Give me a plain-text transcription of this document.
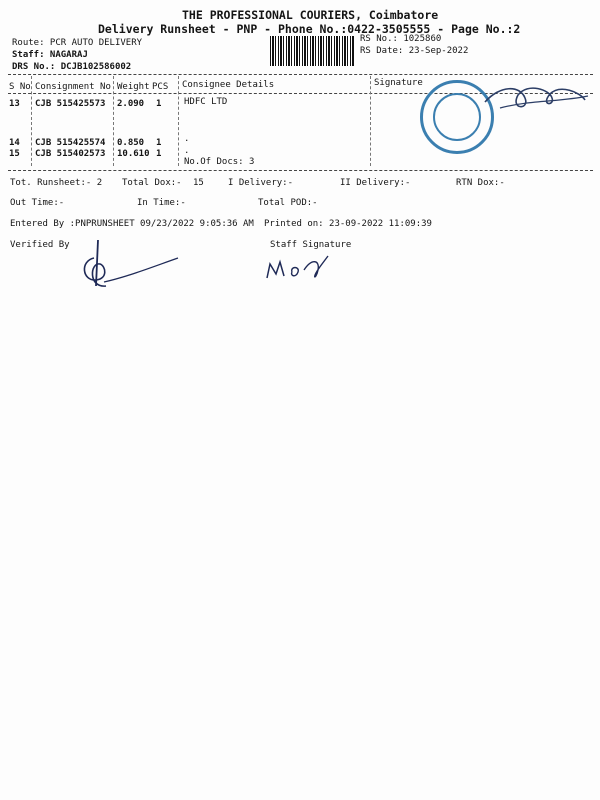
THE PROFESSIONAL COURIERS, Coimbatore
Delivery Runsheet - PNP - Phone No.:0422-3505555 - Page No.:2
Route: PCR AUTO DELIVERY
Staff: NAGARAJ
DRS No.: DCJB102586002
RS No.: 1025860
RS Date: 23-Sep-2022
S No Consignment No Weight PCS Consignee Details	Signature
13 CJB 515425573 2.090 1	HDFC LTD
14 CJB 515425574 0.850 1	.
15 CJB 515402573 10.610 1	.
No.Of Docs: 3
Tot. Runsheet:- 2 Total Dox:- 15	I Delivery:-	II Delivery:-	RTN Dox:-
Out Time:-	In Time:-	Total POD:-
Entered By :PNPRUNSHEET 09/23/2022 9:05:36 AM Printed on: 23-09-2022 11:09:39
Verified By	Staff Signature
